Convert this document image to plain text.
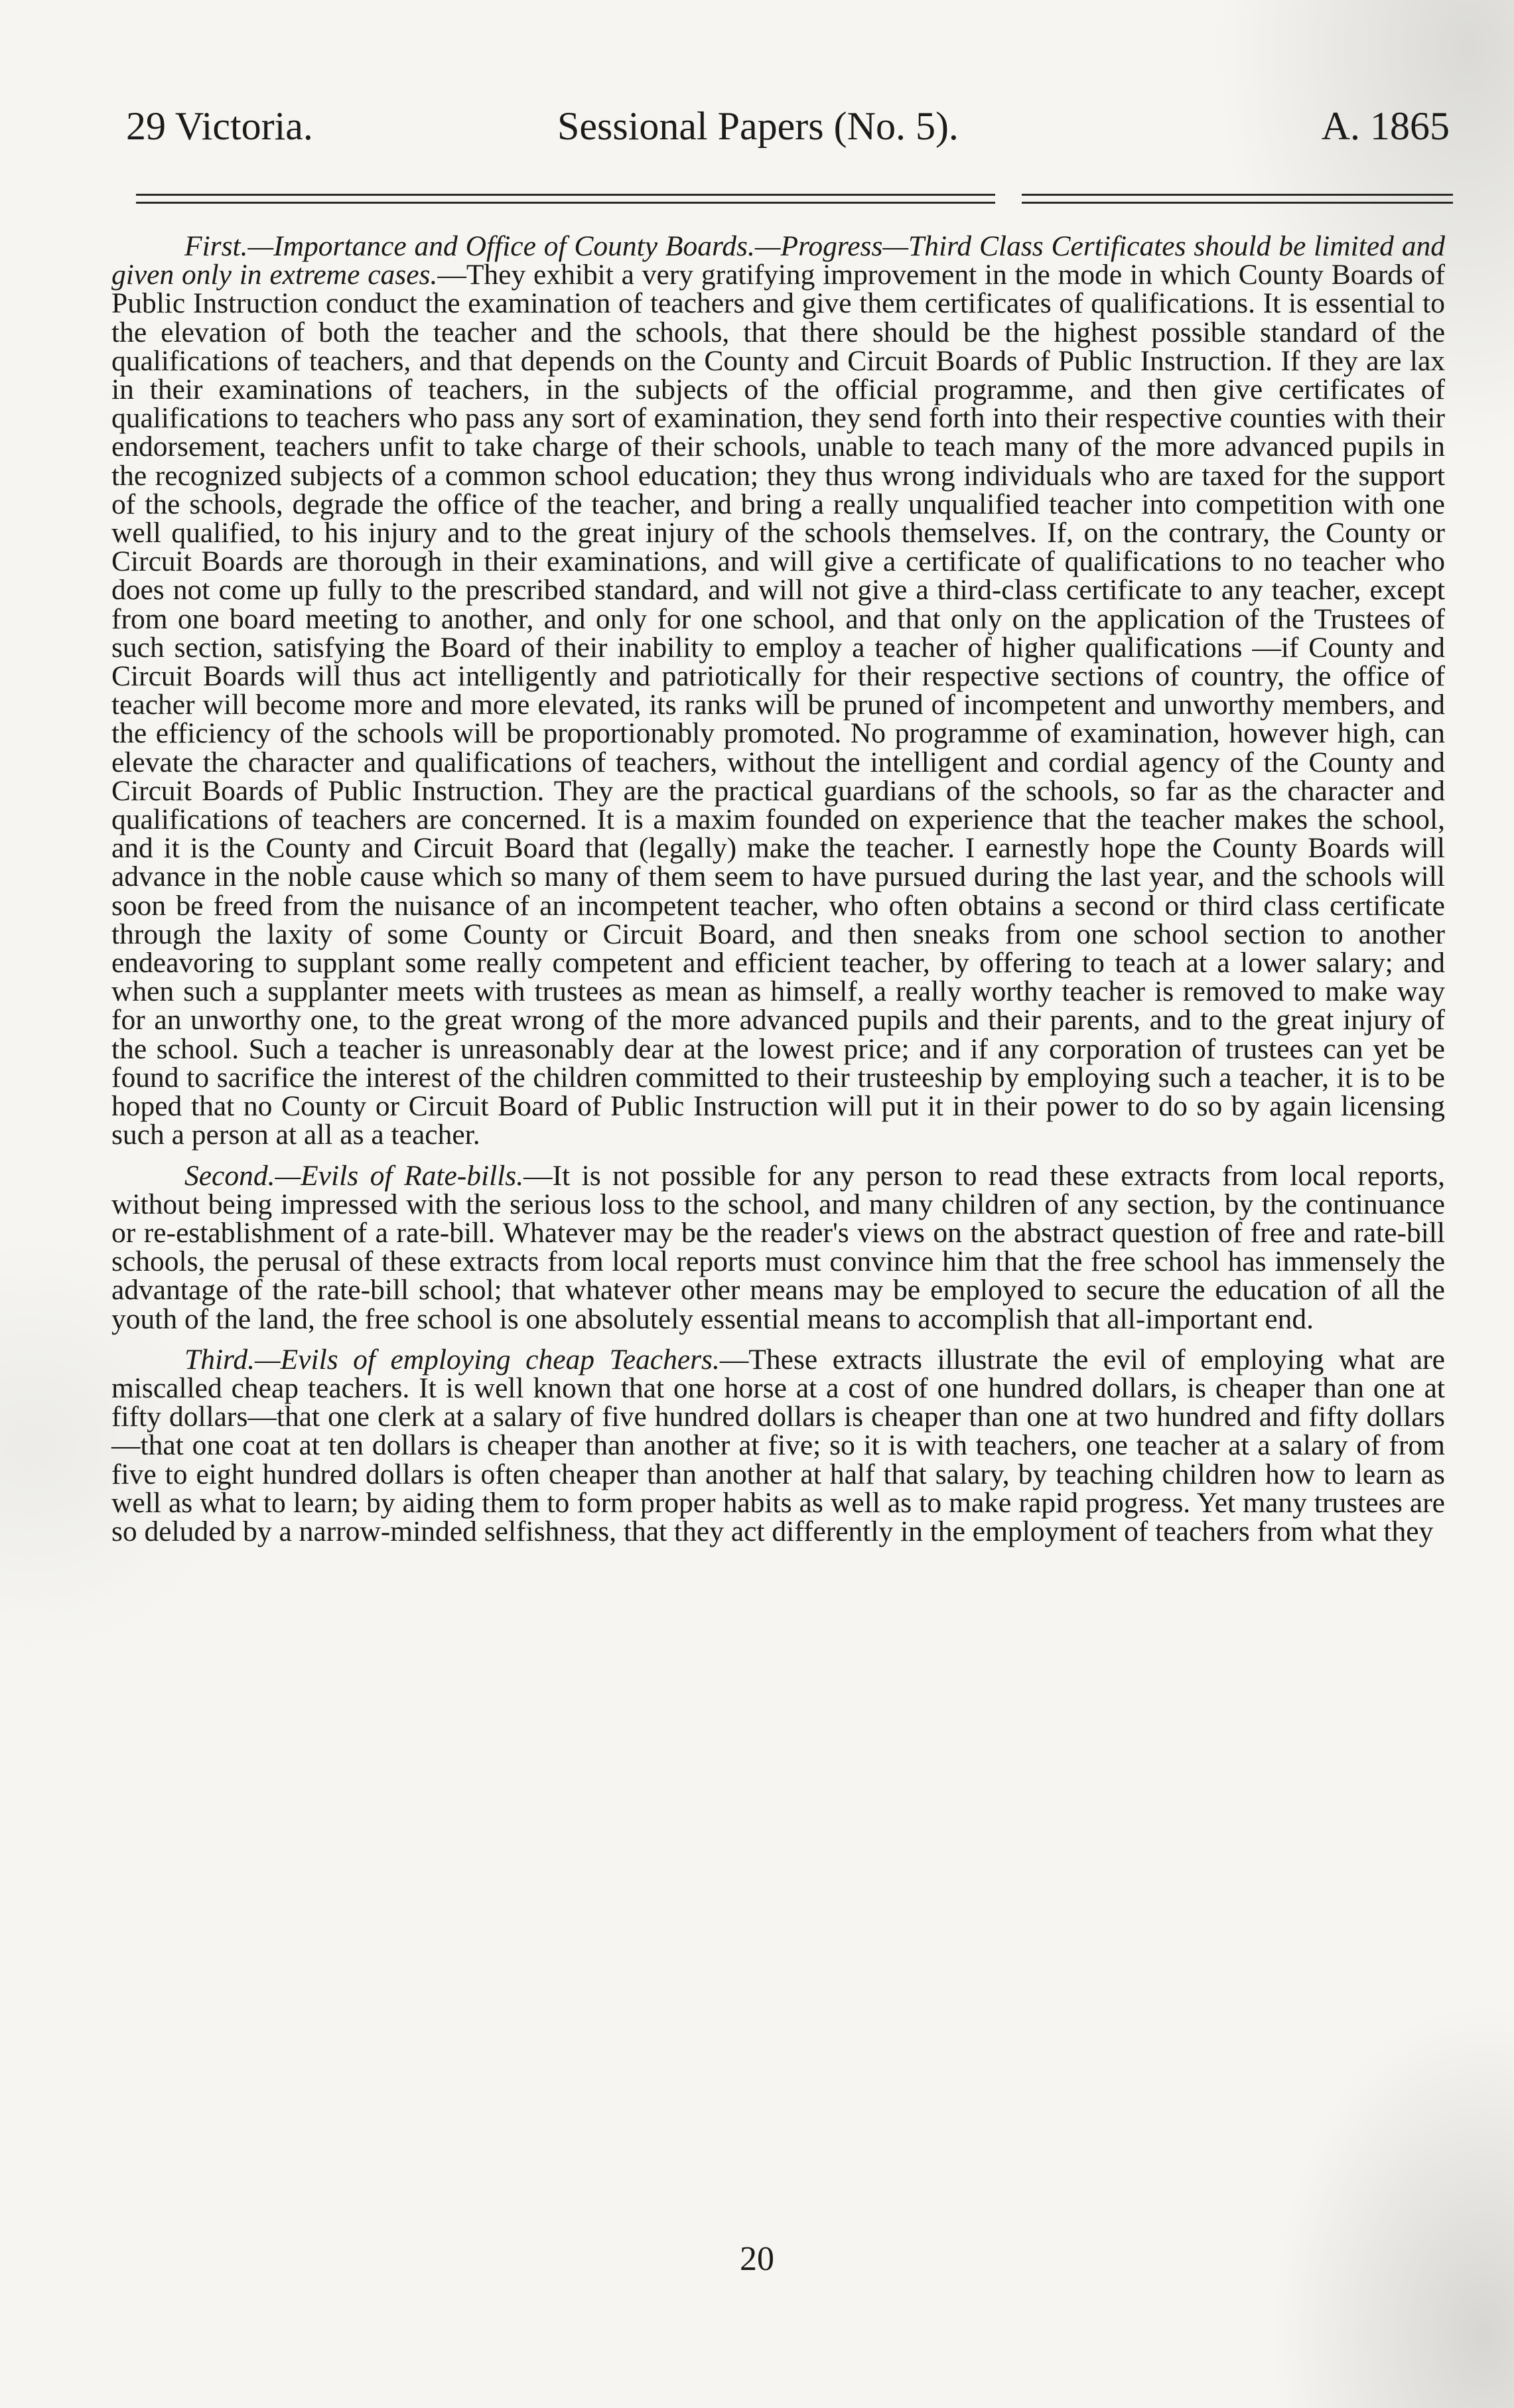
29 Victoria.	Sessional Papers (No. 5).	A. 1865

First.—Importance and Office of County Boards.—Progress—Third Class Certificates should be limited and given only in extreme cases.—They exhibit a very gratifying improvement in the mode in which County Boards of Public Instruction conduct the examination of teachers and give them certificates of qualifications. It is essential to the elevation of both the teacher and the schools, that there should be the highest possible standard of the qualifications of teachers, and that depends on the County and Circuit Boards of Public Instruction. If they are lax in their examinations of teachers, in the subjects of the official programme, and then give certificates of qualifications to teachers who pass any sort of examination, they send forth into their respective counties with their endorsement, teachers unfit to take charge of their schools, unable to teach many of the more advanced pupils in the recognized subjects of a common school education; they thus wrong individuals who are taxed for the support of the schools, degrade the office of the teacher, and bring a really unqualified teacher into competition with one well qualified, to his injury and to the great injury of the schools themselves. If, on the contrary, the County or Circuit Boards are thorough in their examinations, and will give a certificate of qualifications to no teacher who does not come up fully to the prescribed standard, and will not give a third-class certificate to any teacher, except from one board meeting to another, and only for one school, and that only on the application of the Trustees of such section, satisfying the Board of their inability to employ a teacher of higher qualifications —if County and Circuit Boards will thus act intelligently and patriotically for their respective sections of country, the office of teacher will become more and more elevated, its ranks will be pruned of incompetent and unworthy members, and the efficiency of the schools will be proportionably promoted. No programme of examination, however high, can elevate the character and qualifications of teachers, without the intelligent and cordial agency of the County and Circuit Boards of Public Instruction. They are the practical guardians of the schools, so far as the character and qualifications of teachers are concerned. It is a maxim founded on experience that the teacher makes the school, and it is the County and Circuit Board that (legally) make the teacher. I earnestly hope the County Boards will advance in the noble cause which so many of them seem to have pursued during the last year, and the schools will soon be freed from the nuisance of an incompetent teacher, who often obtains a second or third class certificate through the laxity of some County or Circuit Board, and then sneaks from one school section to another endeavoring to supplant some really competent and efficient teacher, by offering to teach at a lower salary; and when such a supplanter meets with trustees as mean as himself, a really worthy teacher is removed to make way for an unworthy one, to the great wrong of the more advanced pupils and their parents, and to the great injury of the school. Such a teacher is unreasonably dear at the lowest price; and if any corporation of trustees can yet be found to sacrifice the interest of the children committed to their trusteeship by employing such a teacher, it is to be hoped that no County or Circuit Board of Public Instruction will put it in their power to do so by again licensing such a person at all as a teacher.

Second.—Evils of Rate-bills.—It is not possible for any person to read these extracts from local reports, without being impressed with the serious loss to the school, and many children of any section, by the continuance or re-establishment of a rate-bill. Whatever may be the reader's views on the abstract question of free and rate-bill schools, the perusal of these extracts from local reports must convince him that the free school has immensely the advantage of the rate-bill school; that whatever other means may be employed to secure the education of all the youth of the land, the free school is one absolutely essential means to accomplish that all-important end.

Third.—Evils of employing cheap Teachers.—These extracts illustrate the evil of employing what are miscalled cheap teachers. It is well known that one horse at a cost of one hundred dollars, is cheaper than one at fifty dollars—that one clerk at a salary of five hundred dollars is cheaper than one at two hundred and fifty dollars—that one coat at ten dollars is cheaper than another at five; so it is with teachers, one teacher at a salary of from five to eight hundred dollars is often cheaper than another at half that salary, by teaching children how to learn as well as what to learn; by aiding them to form proper habits as well as to make rapid progress. Yet many trustees are so deluded by a narrow-minded selfishness, that they act differently in the employment of teachers from what they

20
